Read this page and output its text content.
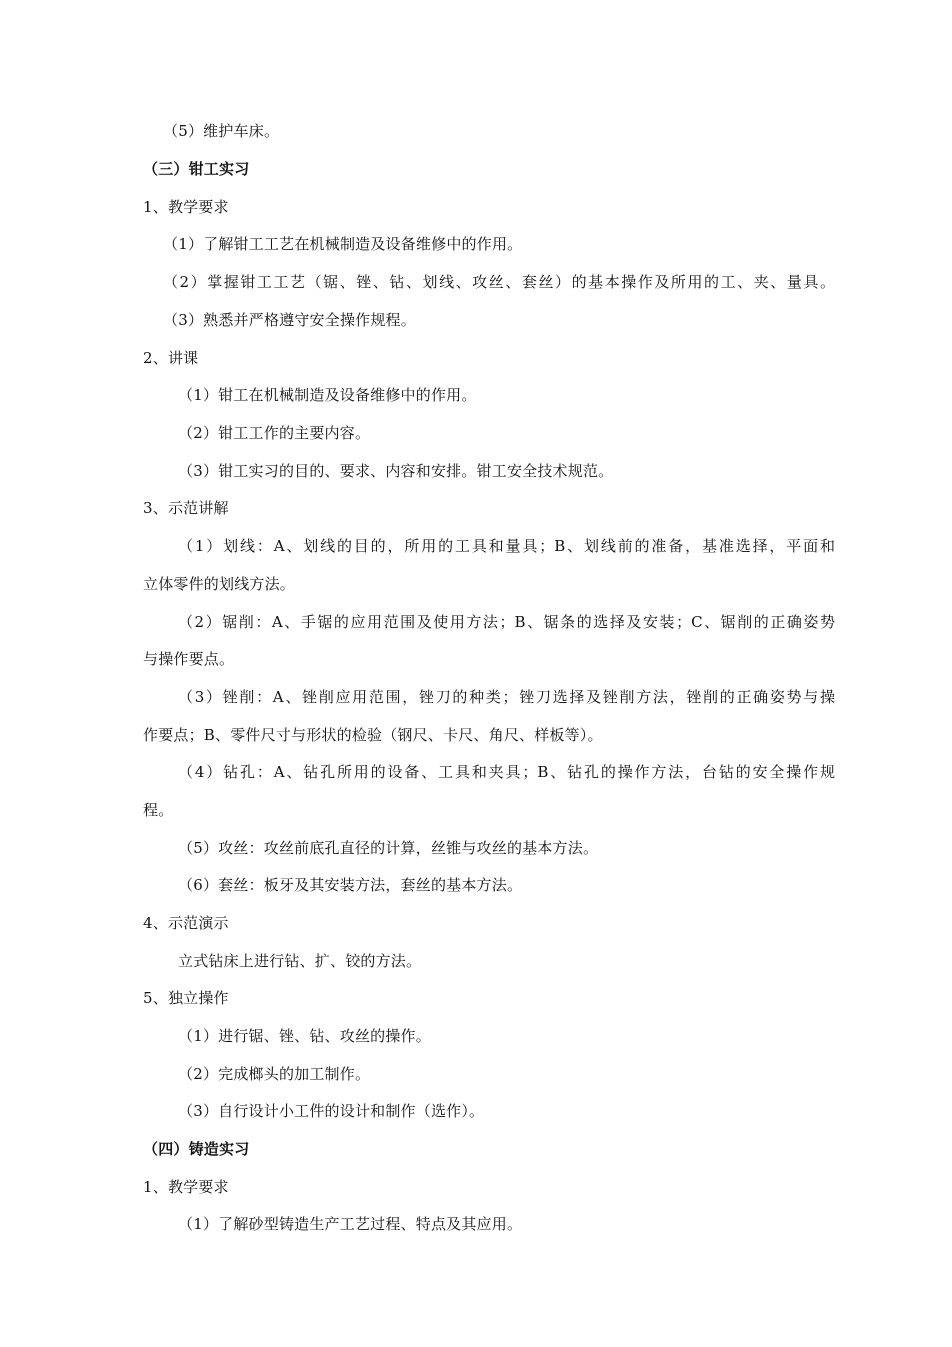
（5）维护车床。
（三）钳工实习
1、教学要求
（1）了解钳工工艺在机械制造及设备维修中的作用。
（2）掌握钳工工艺（锯、锉、钻、划线、攻丝、套丝）的基本操作及所用的工、夹、量具。
（3）熟悉并严格遵守安全操作规程。
2、讲课
（1）钳工在机械制造及设备维修中的作用。
（2）钳工工作的主要内容。
（3）钳工实习的目的、要求、内容和安排。钳工安全技术规范。
3、示范讲解
（1）划线：A、划线的目的，所用的工具和量具；B、划线前的准备，基准选择，平面和
立体零件的划线方法。
（2）锯削：A、手锯的应用范围及使用方法；B、锯条的选择及安装；C、锯削的正确姿势
与操作要点。
（3）锉削：A、锉削应用范围，锉刀的种类；锉刀选择及锉削方法，锉削的正确姿势与操
作要点；B、零件尺寸与形状的检验（钢尺、卡尺、角尺、样板等）。
（4）钻孔：A、钻孔所用的设备、工具和夹具；B、钻孔的操作方法，台钻的安全操作规
程。
（5）攻丝：攻丝前底孔直径的计算，丝锥与攻丝的基本方法。
（6）套丝：板牙及其安装方法，套丝的基本方法。
4、示范演示
立式钻床上进行钻、扩、铰的方法。
5、独立操作
（1）进行锯、锉、钻、攻丝的操作。
（2）完成榔头的加工制作。
（3）自行设计小工件的设计和制作（选作）。
（四）铸造实习
1、教学要求
（1）了解砂型铸造生产工艺过程、特点及其应用。
